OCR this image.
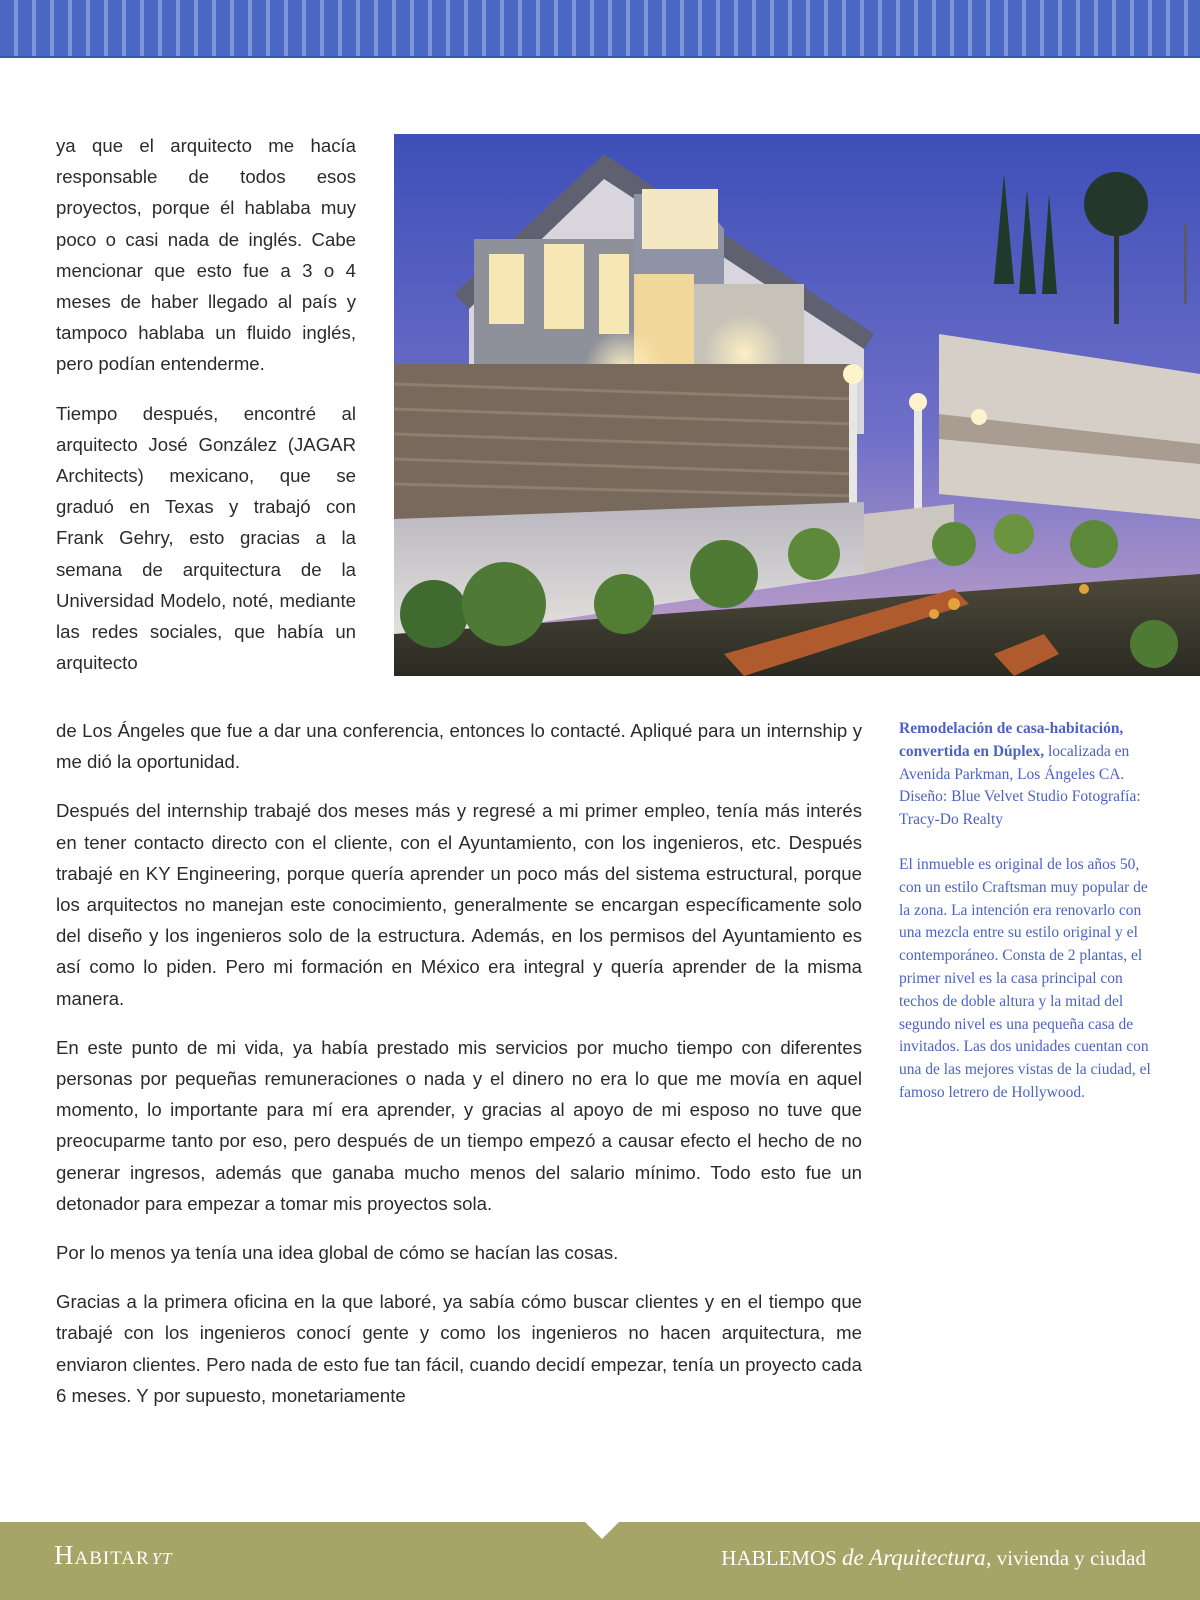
ya que el arquitecto me hacía responsable de todos esos proyectos, porque él hablaba muy poco o casi nada de inglés. Cabe mencionar que esto fue a 3 o 4 meses de haber llegado al país y tampoco hablaba un fluido inglés, pero podían entenderme.

Tiempo después, encontré al arquitecto José González (JAGAR Architects) mexicano, que se graduó en Texas y trabajó con Frank Gehry, esto gracias a la semana de arquitectura de la Universidad Modelo, noté, mediante las redes sociales, que había un arquitecto

de Los Ángeles que fue a dar una conferencia, entonces lo contacté. Apliqué para un internship y me dió la oportunidad.

Después del internship trabajé dos meses más y regresé a mi primer empleo, tenía más interés en tener contacto directo con el cliente, con el Ayuntamiento, con los ingenieros, etc. Después trabajé en KY Engineering, porque quería aprender un poco más del sistema estructural, porque los arquitectos no manejan este conocimiento, generalmente se encargan específicamente solo del diseño y los ingenieros solo de la estructura. Además, en los permisos del Ayuntamiento es así como lo piden. Pero mi formación en México era integral y quería aprender de la misma manera.

En este punto de mi vida, ya había prestado mis servicios por mucho tiempo con diferentes personas por pequeñas remuneraciones o nada y el dinero no era lo que me movía en aquel momento, lo importante para mí era aprender, y gracias al apoyo de mi esposo no tuve que preocuparme tanto por eso, pero después de un tiempo empezó a causar efecto el hecho de no generar ingresos, además que ganaba mucho menos del salario mínimo. Todo esto fue un detonador para empezar a tomar mis proyectos sola.

Por lo menos ya tenía una idea global de cómo se hacían las cosas.

Gracias a la primera oficina en la que laboré, ya sabía cómo buscar clientes y en el tiempo que trabajé con los ingenieros conocí gente y como los ingenieros no hacen arquitectura, me enviaron clientes. Pero nada de esto fue tan fácil, cuando decidí empezar, tenía un proyecto cada 6 meses. Y por supuesto, monetariamente

Remodelación de casa-habitación, convertida en Dúplex, localizada en Avenida Parkman, Los Ángeles CA. Diseño: Blue Velvet Studio Fotografía: Tracy-Do Realty

El inmueble es original de los años 50, con un estilo Craftsman muy popular de la zona. La intención era renovarlo con una mezcla entre su estilo original y el contemporáneo. Consta de 2 plantas, el primer nivel es la casa principal con techos de doble altura y la mitad del segundo nivel es una pequeña casa de invitados. Las dos unidades cuentan con una de las mejores vistas de la ciudad, el famoso letrero de Hollywood.

Habitaryt	HABLEMOS de Arquitectura, vivienda y ciudad
